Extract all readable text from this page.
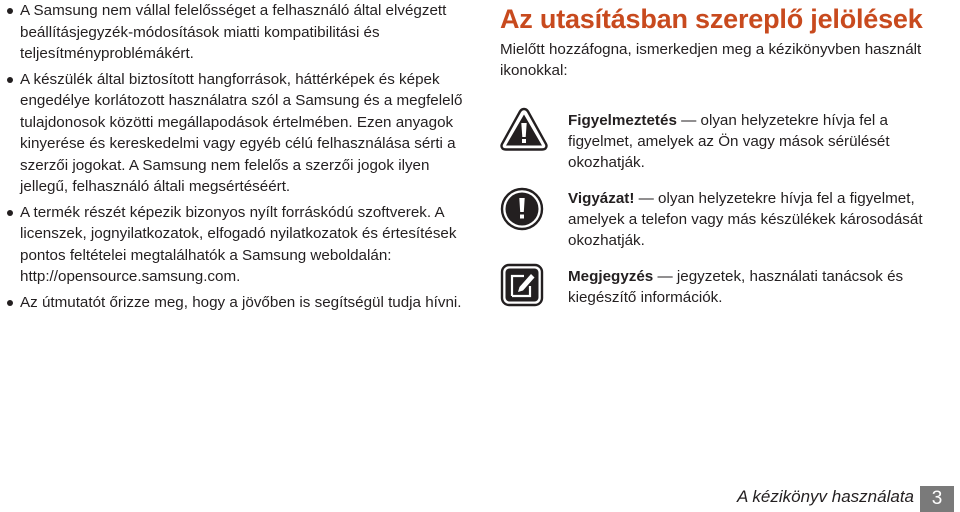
A Samsung nem vállal felelősséget a felhasználó által elvégzett beállításjegyzék-módosítások miatti kompatibilitási és teljesítményproblémákért.
A készülék által biztosított hangforrások, háttérképek és képek engedélye korlátozott használatra szól a Samsung és a megfelelő tulajdonosok közötti megállapodások értelmében. Ezen anyagok kinyerése és kereskedelmi vagy egyéb célú felhasználása sérti a szerzői jogokat. A Samsung nem felelős a szerzői jogok ilyen jellegű, felhasználó általi megsértéséért.
A termék részét képezik bizonyos nyílt forráskódú szoftverek. A licenszek, jognyilatkozatok, elfogadó nyilatkozatok és értesítések pontos feltételei megtalálhatók a Samsung weboldalán: http://opensource.samsung.com.
Az útmutatót őrizze meg, hogy a jövőben is segítségül tudja hívni.
Az utasításban szereplő jelölések

Mielőtt hozzáfogna, ismerkedjen meg a kézikönyvben használt ikonokkal:

Figyelmeztetés — olyan helyzetekre hívja fel a figyelmet, amelyek az Ön vagy mások sérülését okozhatják.
Vigyázat! — olyan helyzetekre hívja fel a figyelmet, amelyek a telefon vagy más készülékek károsodását okozhatják.
Megjegyzés — jegyzetek, használati tanácsok és kiegészítő információk.
A kézikönyv használata 3
